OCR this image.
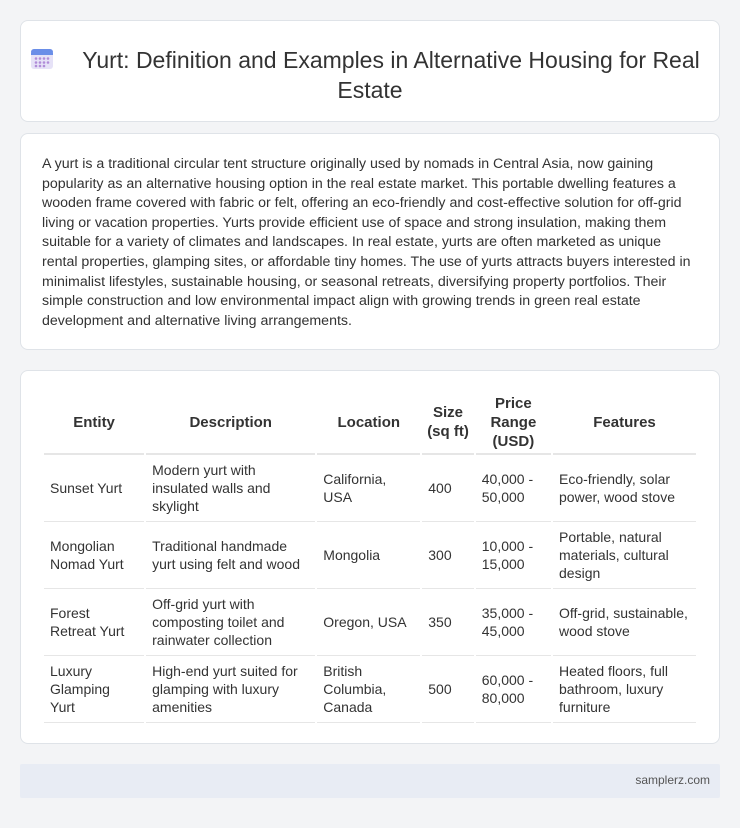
Yurt: Definition and Examples in Alternative Housing for Real Estate

A yurt is a traditional circular tent structure originally used by nomads in Central Asia, now gaining popularity as an alternative housing option in the real estate market. This portable dwelling features a wooden frame covered with fabric or felt, offering an eco-friendly and cost-effective solution for off-grid living or vacation properties. Yurts provide efficient use of space and strong insulation, making them suitable for a variety of climates and landscapes. In real estate, yurts are often marketed as unique rental properties, glamping sites, or affordable tiny homes. The use of yurts attracts buyers interested in minimalist lifestyles, sustainable housing, or seasonal retreats, diversifying property portfolios. Their simple construction and low environmental impact align with growing trends in green real estate development and alternative living arrangements.

Entity	Description	Location	Size (sq ft)	Price Range (USD)	Features
Sunset Yurt	Modern yurt with insulated walls and skylight	California, USA	400	40,000 - 50,000	Eco-friendly, solar power, wood stove
Mongolian Nomad Yurt	Traditional handmade yurt using felt and wood	Mongolia	300	10,000 - 15,000	Portable, natural materials, cultural design
Forest Retreat Yurt	Off-grid yurt with composting toilet and rainwater collection	Oregon, USA	350	35,000 - 45,000	Off-grid, sustainable, wood stove
Luxury Glamping Yurt	High-end yurt suited for glamping with luxury amenities	British Columbia, Canada	500	60,000 - 80,000	Heated floors, full bathroom, luxury furniture
samplerz.com
